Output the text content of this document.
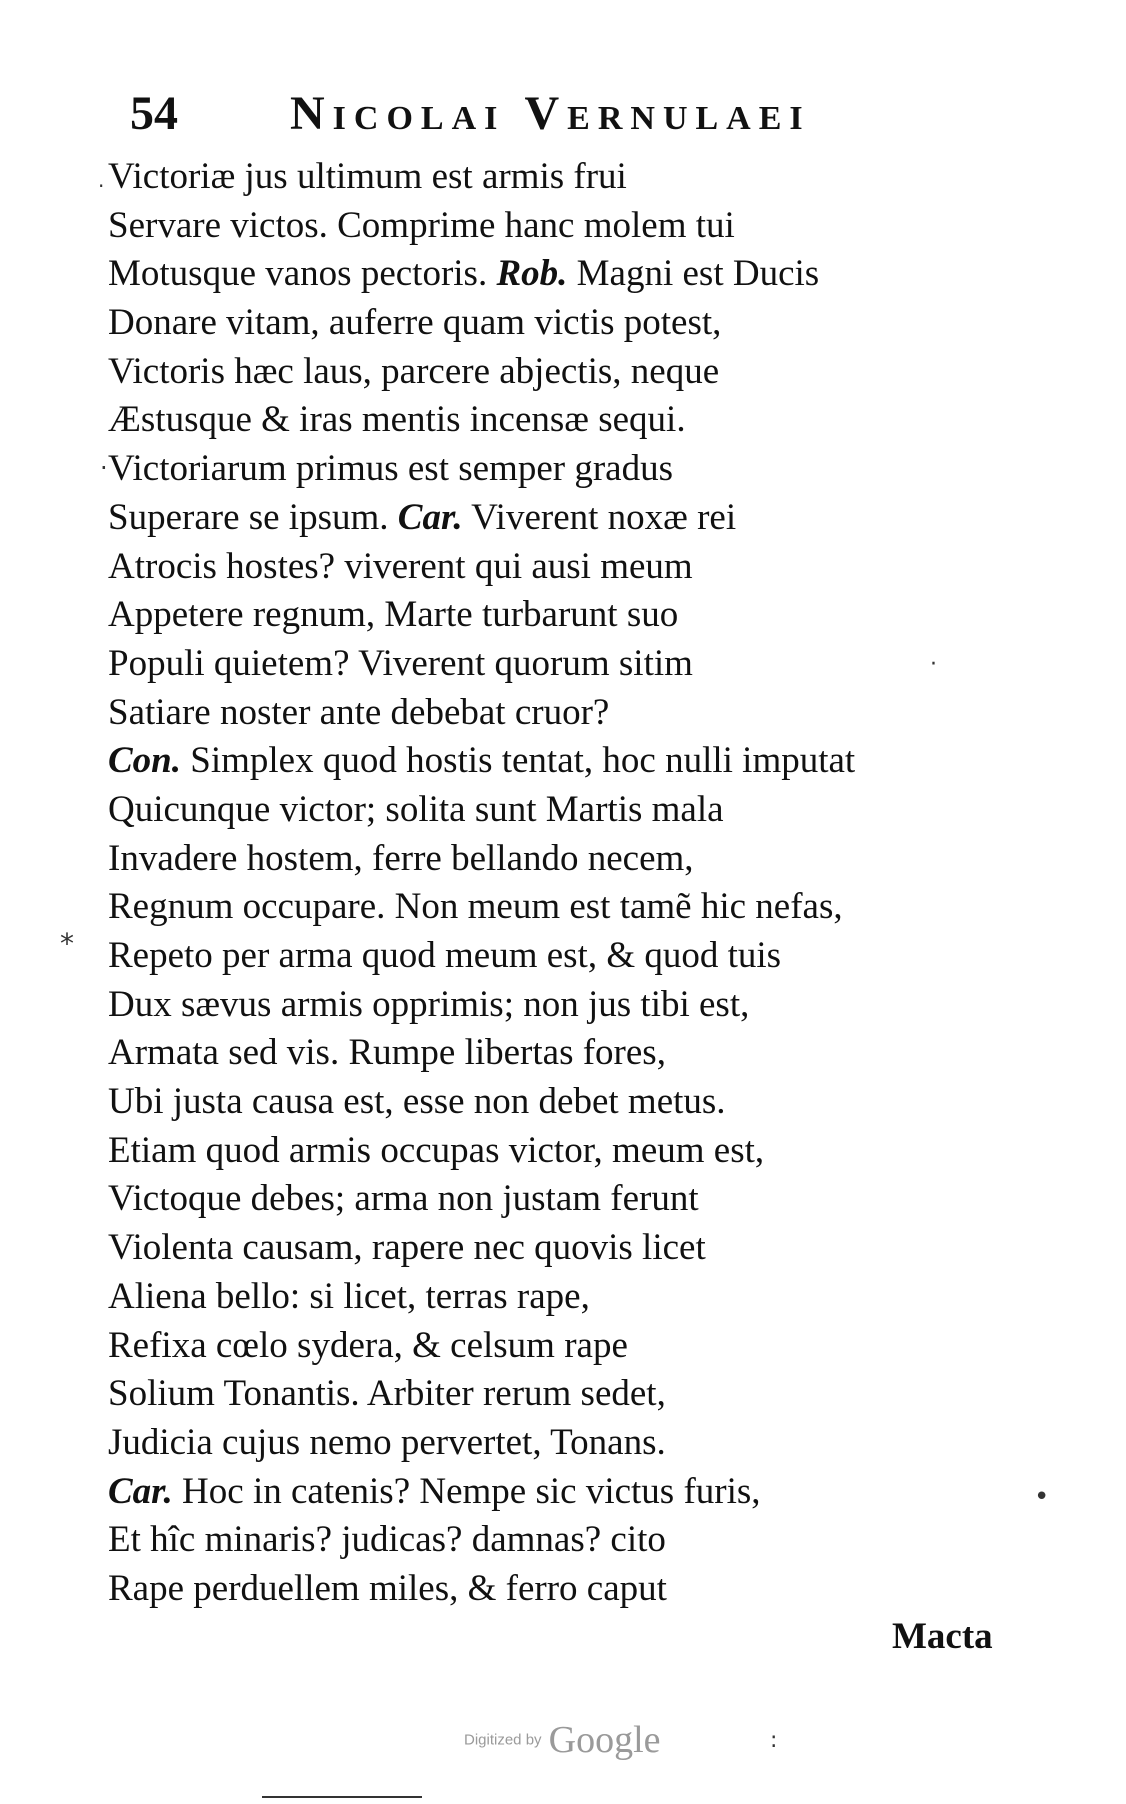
54 Nicolai Vernulaei
Victoriæ jus ultimum est armis frui
Servare victos. Comprime hanc molem tui
Motusque vanos pectoris. Rob. Magni est Ducis
Donare vitam, auferre quam victis potest,
Victoris hæc laus, parcere abjectis, neque
Æstusque & iras mentis incensæ sequi.
Victoriarum primus est semper gradus
Superare se ipsum. Car. Viverent noxæ rei
Atrocis hostes? viverent qui ausi meum
Appetere regnum, Marte turbarunt suo
Populi quietem? Viverent quorum sitim
Satiare noster ante debebat cruor?
Con. Simplex quod hostis tentat, hoc nulli imputat
Quicunque victor; solita sunt Martis mala
Invadere hostem, ferre bellando necem,
Regnum occupare. Non meum est tamẽ hic nefas,
Repeto per arma quod meum est, & quod tuis
Dux sævus armis opprimis; non jus tibi est,
Armata sed vis. Rumpe libertas fores,
Ubi justa causa est, esse non debet metus.
Etiam quod armis occupas victor, meum est,
Victoque debes; arma non justam ferunt
Violenta causam, rapere nec quovis licet
Aliena bello: si licet, terras rape,
Refixa cœlo sydera, & celsum rape
Solium Tonantis. Arbiter rerum sedet,
Judicia cujus nemo pervertet, Tonans.
Car. Hoc in catenis? Nempe sic victus furis,
Et hîc minaris? judicas? damnas? cito
Rape perduellem miles, & ferro caput
Macta
Digitized by Google
·
·
·
*
•
:
